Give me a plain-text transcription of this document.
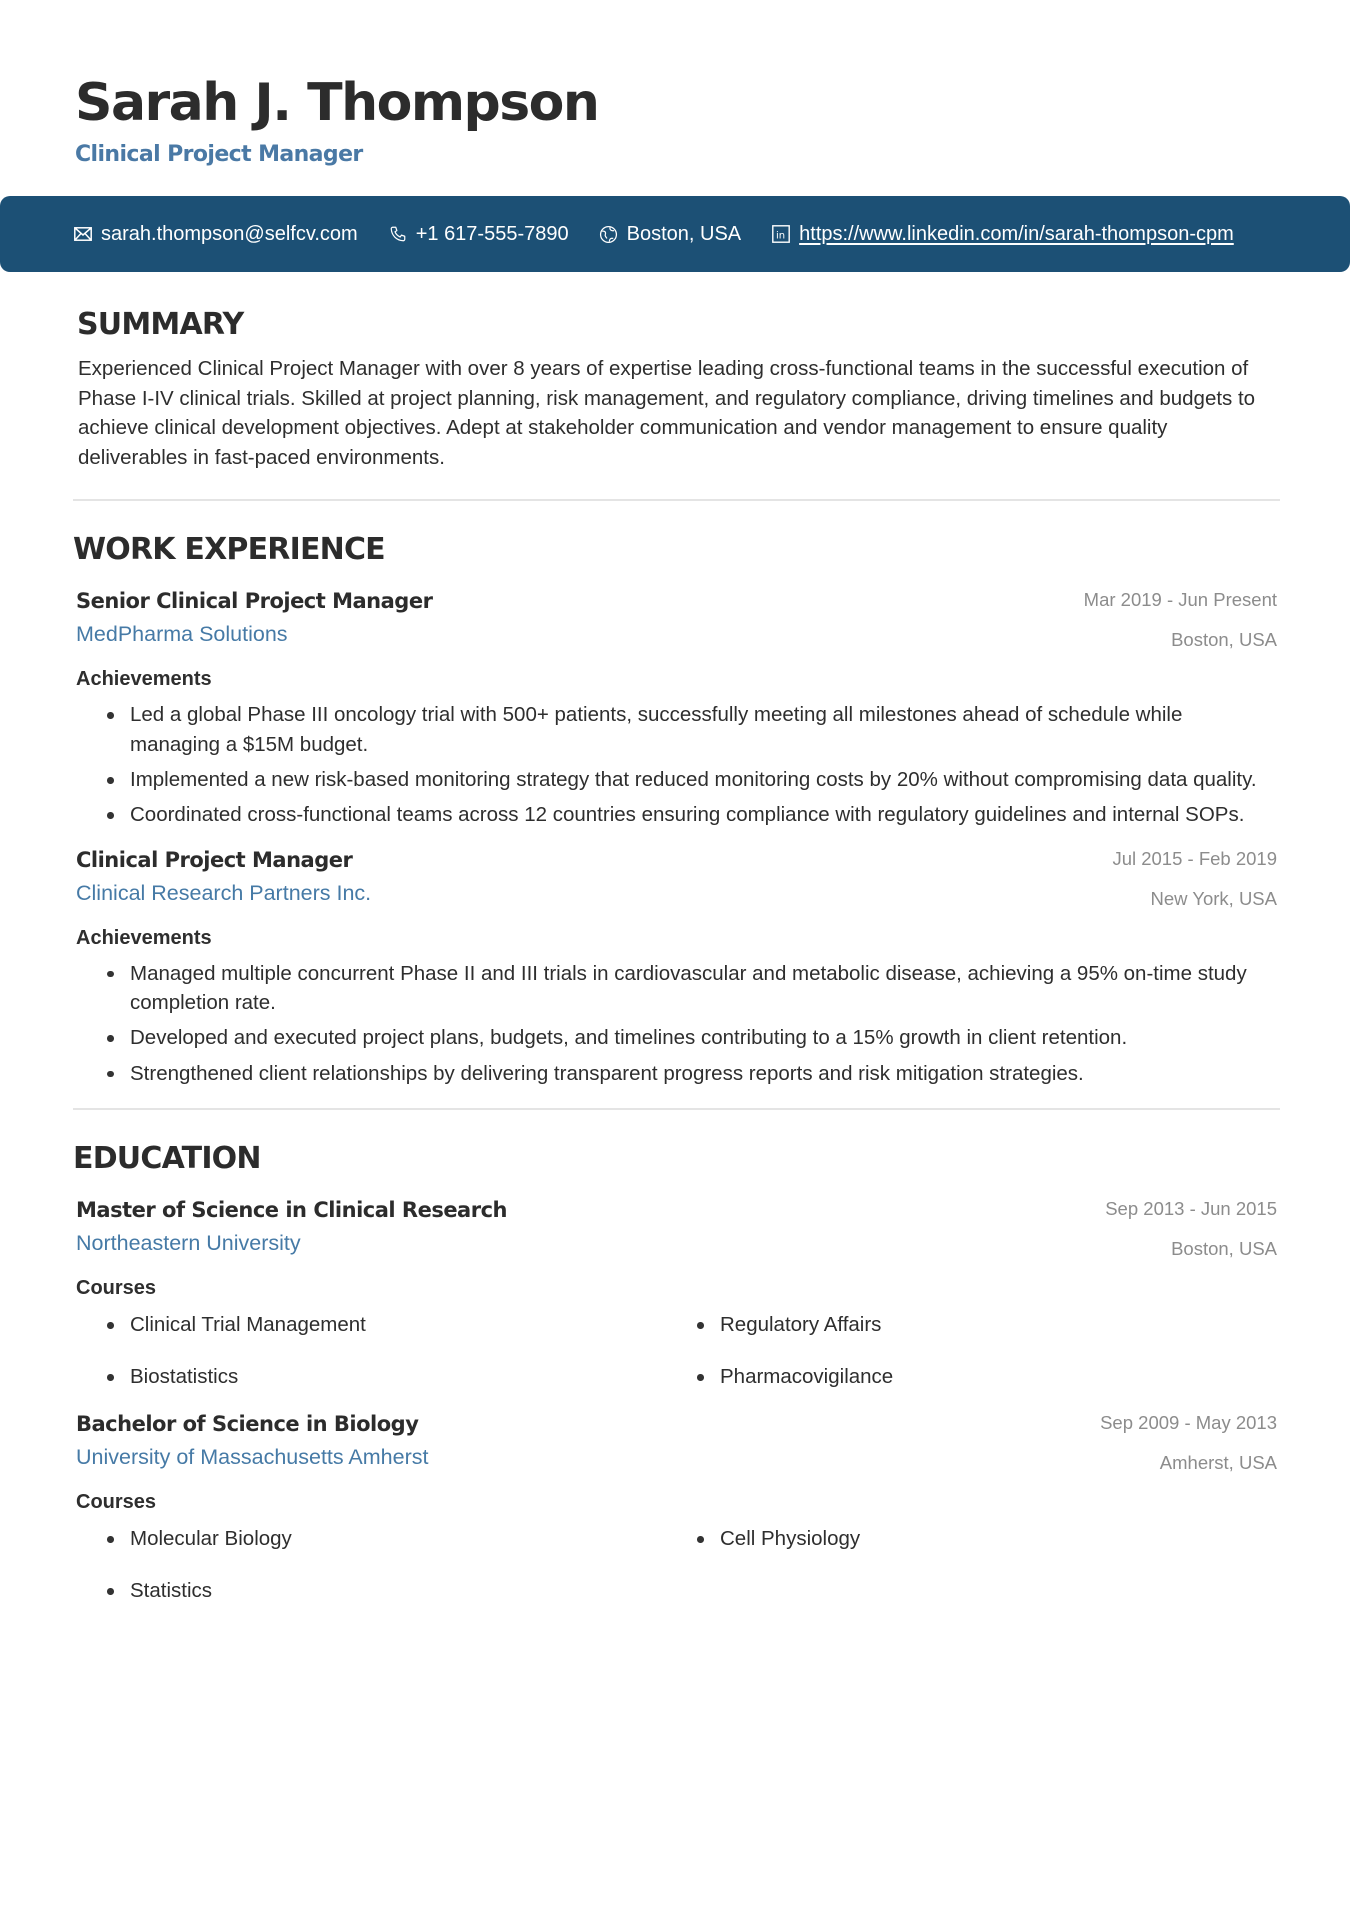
Sarah J. Thompson
Clinical Project Manager
sarah.thompson@selfcv.com	+1 617-555-7890	Boston, USA	in https://www.linkedin.com/in/sarah-thompson-cpm
SUMMARY

Experienced Clinical Project Manager with over 8 years of expertise leading cross-functional teams in the successful execution of Phase I-IV clinical trials. Skilled at project planning, risk management, and regulatory compliance, driving timelines and budgets to achieve clinical development objectives. Adept at stakeholder communication and vendor management to ensure quality deliverables in fast-paced environments.

WORK EXPERIENCE
Senior Clinical Project Manager
MedPharma Solutions
Mar 2019 - Jun Present
Boston, USA
Achievements
Led a global Phase III oncology trial with 500+ patients, successfully meeting all milestones ahead of schedule while managing a $15M budget.
Implemented a new risk-based monitoring strategy that reduced monitoring costs by 20% without compromising data quality.
Coordinated cross-functional teams across 12 countries ensuring compliance with regulatory guidelines and internal SOPs.
Clinical Project Manager
Clinical Research Partners Inc.
Jul 2015 - Feb 2019
New York, USA
Achievements
Managed multiple concurrent Phase II and III trials in cardiovascular and metabolic disease, achieving a 95% on-time study completion rate.
Developed and executed project plans, budgets, and timelines contributing to a 15% growth in client retention.
Strengthened client relationships by delivering transparent progress reports and risk mitigation strategies.
EDUCATION
Master of Science in Clinical Research
Northeastern University
Sep 2013 - Jun 2015
Boston, USA
Courses
Clinical Trial Management	Regulatory Affairs
Biostatistics	Pharmacovigilance
Bachelor of Science in Biology
University of Massachusetts Amherst
Sep 2009 - May 2013
Amherst, USA
Courses
Molecular Biology	Cell Physiology
Statistics
